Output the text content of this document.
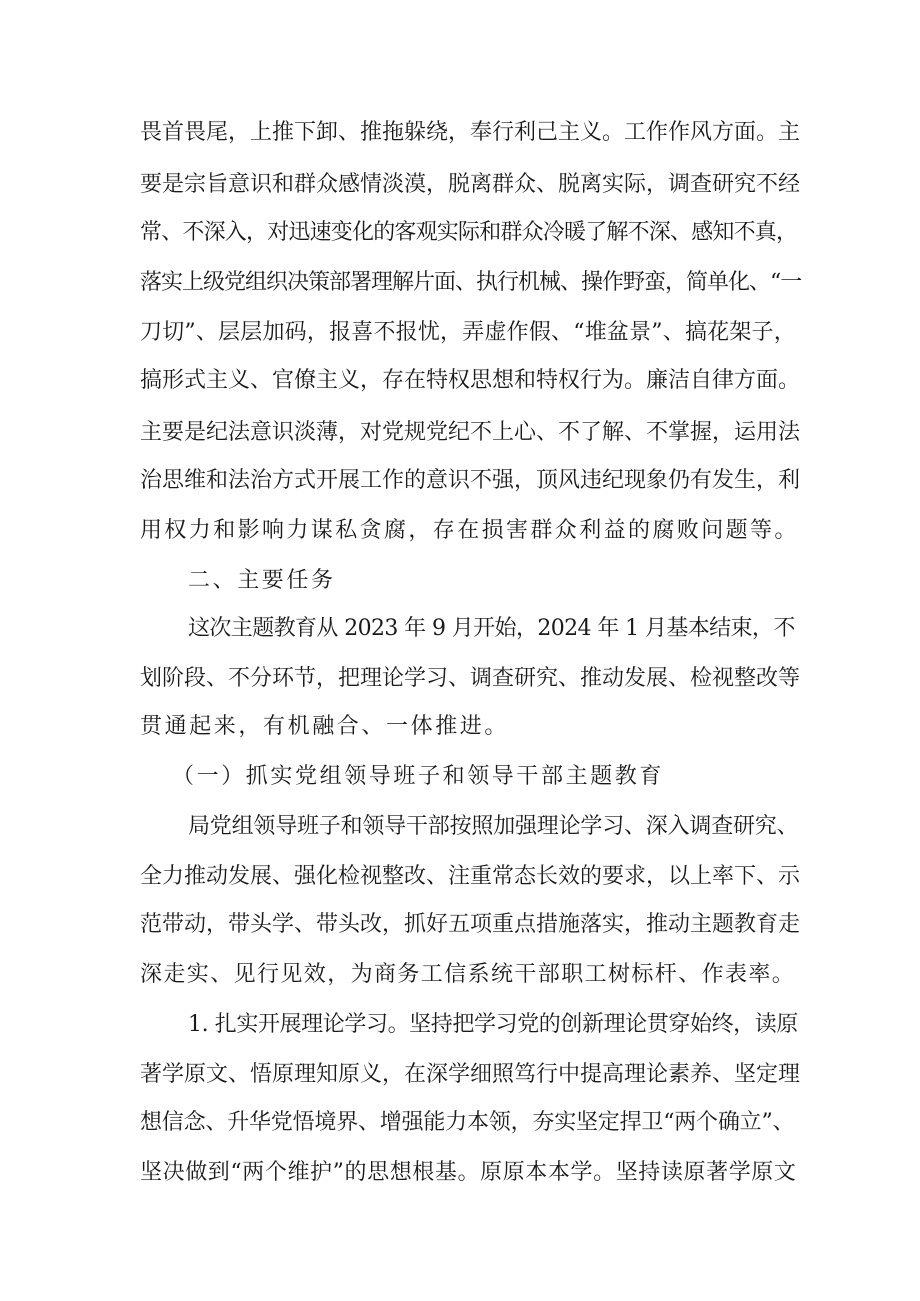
畏首畏尾，上推下卸、推拖躲绕，奉行利己主义。工作作风方面。主
要是宗旨意识和群众感情淡漠，脱离群众、脱离实际，调查研究不经
常、不深入，对迅速变化的客观实际和群众冷暖了解不深、感知不真，
落实上级党组织决策部署理解片面、执行机械、操作野蛮，简单化、“一
刀切”、层层加码，报喜不报忧，弄虚作假、“堆盆景”、搞花架子，
搞形式主义、官僚主义，存在特权思想和特权行为。廉洁自律方面。
主要是纪法意识淡薄，对党规党纪不上心、不了解、不掌握，运用法
治思维和法治方式开展工作的意识不强，顶风违纪现象仍有发生，利
用权力和影响力谋私贪腐，存在损害群众利益的腐败问题等。
二、主要任务
这次主题教育从 2023 年 9 月开始，2024 年 1 月基本结束，不
划阶段、不分环节，把理论学习、调查研究、推动发展、检视整改等
贯通起来，有机融合、一体推进。
（一）抓实党组领导班子和领导干部主题教育
局党组领导班子和领导干部按照加强理论学习、深入调查研究、
全力推动发展、强化检视整改、注重常态长效的要求，以上率下、示
范带动，带头学、带头改，抓好五项重点措施落实，推动主题教育走
深走实、见行见效，为商务工信系统干部职工树标杆、作表率。
1. 扎实开展理论学习。坚持把学习党的创新理论贯穿始终，读原
著学原文、悟原理知原义，在深学细照笃行中提高理论素养、坚定理
想信念、升华党悟境界、增强能力本领，夯实坚定捍卫“两个确立”、
坚决做到“两个维护”的思想根基。原原本本学。坚持读原著学原文
